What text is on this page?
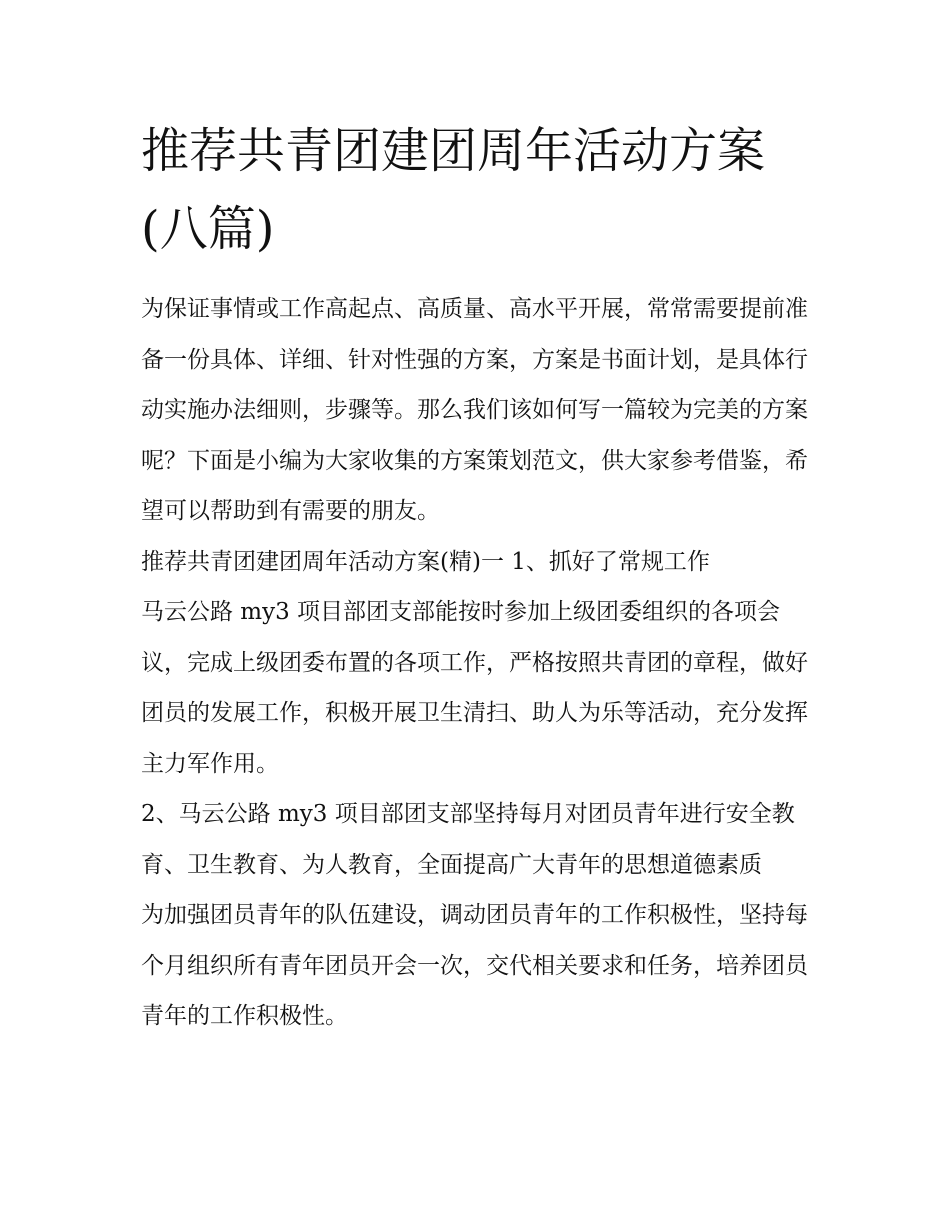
推荐共青团建团周年活动方案(八篇)

为保证事情或工作高起点、高质量、高水平开展，常常需要提前准备一份具体、详细、针对性强的方案，方案是书面计划，是具体行动实施办法细则，步骤等。那么我们该如何写一篇较为完美的方案呢？下面是小编为大家收集的方案策划范文，供大家参考借鉴，希望可以帮助到有需要的朋友。

推荐共青团建团周年活动方案(精)一 1、抓好了常规工作

马云公路 my3 项目部团支部能按时参加上级团委组织的各项会议，完成上级团委布置的各项工作，严格按照共青团的章程，做好团员的发展工作，积极开展卫生清扫、助人为乐等活动，充分发挥主力军作用。

2、马云公路 my3 项目部团支部坚持每月对团员青年进行安全教育、卫生教育、为人教育，全面提高广大青年的思想道德素质

为加强团员青年的队伍建设，调动团员青年的工作积极性，坚持每个月组织所有青年团员开会一次，交代相关要求和任务，培养团员青年的工作积极性。
